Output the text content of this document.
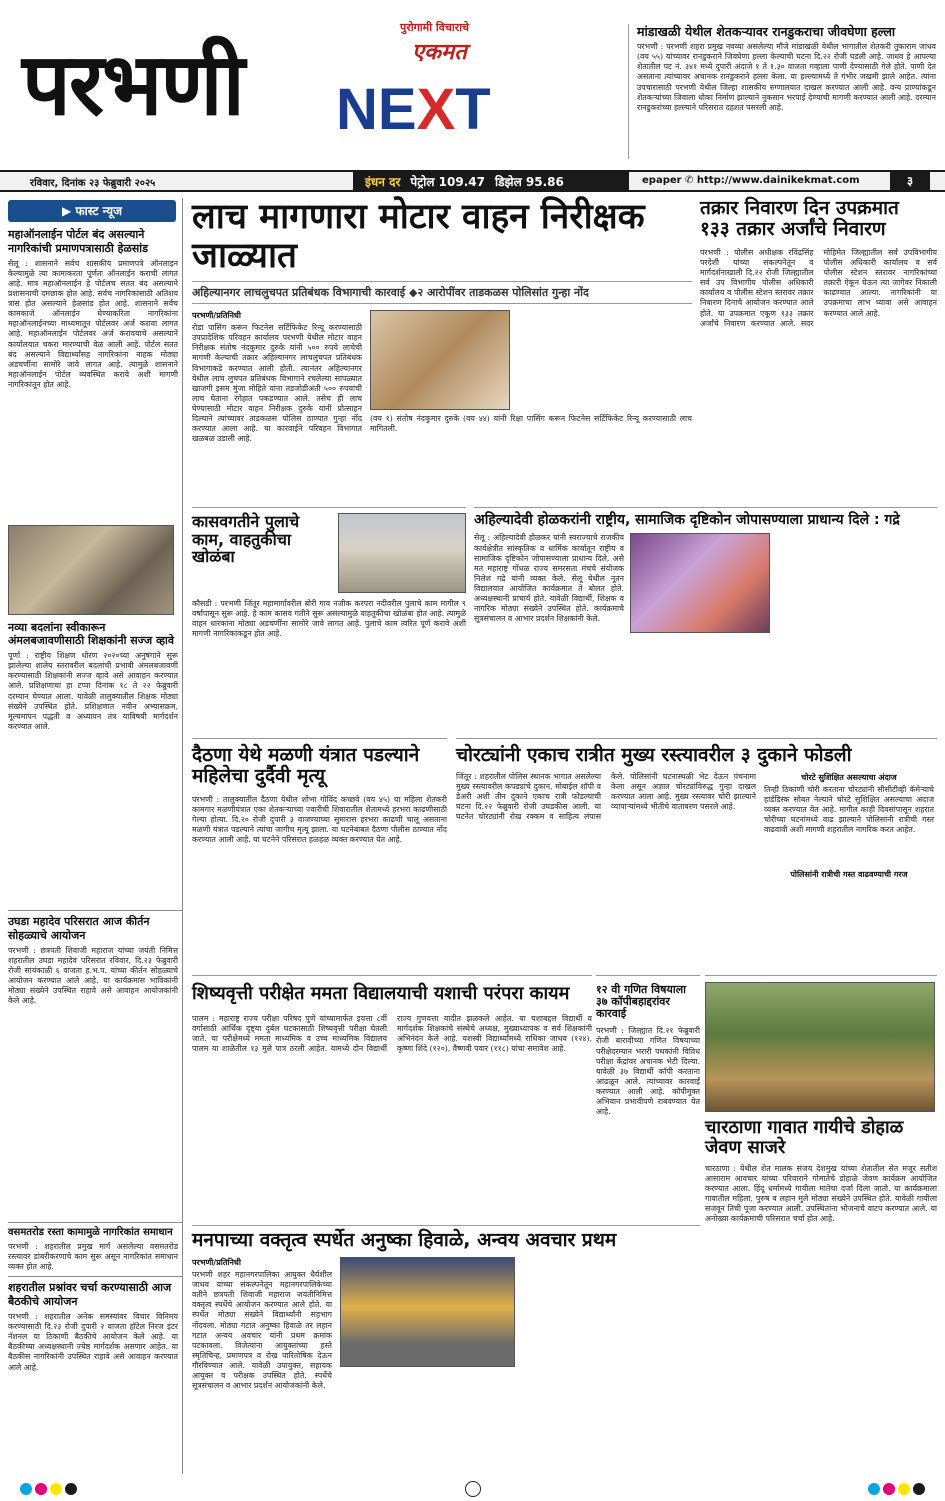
परभणी NEXT
पुरोगामी विचाराचे
एकमत
मांडाखळी येथील शेतकऱ्यावर रानडुकराचा जीवघेणा हल्ला

परभणी : परभणी शहरा प्रमुख नवव्या असलेल्या मौजे मांडाखळी येथील भागातील शेतकरी तुकाराम जाधव (वय ५५) यांच्यावर रानडुकराने जिवघेणा हल्ला केल्याची घटना दि.२२ रोजी घडली आहे. जाधव हे आपल्या शेतातील पट नं. ३४१ मध्ये दुपारी अंदाजे १ ते १.३० वाजता गव्हाला पाणी देण्यासाठी गेले होते. पाणी देत असताना त्यांच्यावर अचानक रानडुकराने हल्ला केला. या हल्ल्यामध्ये ते गंभीर जखमी झाले आहेत. त्यांना उपचारासाठी परभणी येथील जिल्हा शासकीय रुग्णालयात दाखल करण्यात आली आहे. वन्य प्राण्यांकडून शेतकऱ्यांच्या जिवाला धोका निर्माण झाल्याने नुकसान भरपाई देण्याची मागणी करण्यात आली आहे. दरम्यान रानडुकरांच्या हल्ल्याने परिसरात दहशत पसरली आहे.

रविवार, दिनांक २३ फेब्रुवारी २०२५	इंधन दर पेट्रोल 109.47 डिझेल 95.86	epaper ✆ http://www.dainikekmat.com	३
▶ फास्ट न्यूज
महाऑनलाईन पोर्टल बंद असल्याने नागरिकांची प्रमाणपत्रासाठी हेळसांड

सेलू : शासनाने सर्वच शासकीय प्रमाणपत्रे ऑनलाइन केल्यामुळे त्या कामाकरता पूर्णतः ऑनलाईन कराची लागत आहे. मात्र महाऑनलाईन हे पोर्टलच सतत बंद असल्याने प्रशासनाची दमछाक होत आहे. सर्वच नागरिकांसाठी अतिशय त्रास होत असल्याने हेळसांड होत आहे. शासनाने सर्वच कामकाजे ऑनलाईन घेण्याकरिता नागरिकांना महाऑनलाईनच्या माध्यमातून पोर्टलवर अर्ज करावा लागत आहे. महाऑनलाईन पोर्टलवर अर्ज करावयाचे असल्याने कार्यालयात चकरा मारण्याची वेळ आली आहे. पोर्टल सतत बंद असल्याने विद्यार्थ्यांसह नागरिकांना नाहक मोठ्या अडचणींना सामोरे जावे लागत आहे. त्यामुळे शासनाने महाऑनलाईन पोर्टल व्यवस्थित करावे अशी मागणी नागरिकांतून होत आहे.

नव्या बदलांना स्वीकारून अंमलबजावणीसाठी शिक्षकांनी सज्ज व्हावे

पूर्णा : राष्ट्रीय शिक्षण धोरण २०२०च्या अनुषंगाने सुरू झालेल्या शालेय स्तरावरील बदलांची प्रभावी अंमलबजावणी करण्यासाठी शिक्षकांनी सज्ज व्हावे असे आवाहन करण्यात आले. प्रशिक्षणाचा हा टप्पा दिनांक १८ ते २२ फेब्रुवारी दरम्यान घेण्यात आला. यावेळी तालुक्यातील शिक्षक मोठ्या संख्येने उपस्थित होते. प्रशिक्षणात नवीन अभ्यासक्रम, मूल्यमापन पद्धती व अध्यापन तंत्र याविषयी मार्गदर्शन करण्यात आले.

उघडा महादेव परिसरात आज कीर्तन सोहळ्याचे आयोजन

परभणी : छत्रपती शिवाजी महाराज यांच्या जयंती निमित्त शहरातील उघडा महादेव परिसरात रविवार, दि.२३ फेब्रुवारी रोजी सायंकाळी ६ वाजता ह.भ.प. यांच्या कीर्तन सोहळ्याचे आयोजन करण्यात आले आहे. या कार्यक्रमास भाविकांनी मोठ्या संख्येने उपस्थित राहावे असे आवाहन आयोजकांनी केले आहे.

वसमतरोड रस्ता कामामुळे नागरिकांत समाधान

परभणी : शहरातील प्रमुख मार्ग असलेल्या वसमतरोड रस्त्यावर डांबरीकरणाचे काम सुरू असून नागरिकांत समाधान व्यक्त होत आहे.

शहरातील प्रश्नांवर चर्चा करण्यासाठी आज बैठकीचे आयोजन

परभणी : शहरातील अनेक समस्यांवर विचार विनिमय करण्यासाठी दि.२३ रोजी दुपारी २ वाजता हॉटेल निरज इंटर नॅशनल या ठिकाणी बैठकीचे आयोजन केले आहे. या बैठकीच्या अध्यक्षस्थानी ज्येष्ठ मार्गदर्शक असणार आहेत. या बैठकीस नागरिकांनी उपस्थित राहावे असे आवाहन करण्यात आले आहे.

लाच मागणारा मोटार वाहन निरीक्षक जाळ्यात
अहिल्यानगर लाचलुचपत प्रतिबंधक विभागाची कारवाई ◆२ आरोपींवर ताडकळस पोलिसांत गुन्हा नोंद
परभणी/प्रतिनिधी

रोडा पासिंग करून फिटनेस सर्टिफिकेट रिन्यू करण्यासाठी उपप्रादेशिक परिवहन कार्यालय परभणी येथील मोटार वाहन निरीक्षक संतोष नंदकुमार दुरुके यांनी ५०० रुपये लाचेची मागणी केल्याची तक्रार अहिल्यानगर लाचलुचपत प्रतिबंधक विभागाकडे करण्यात आली होती. त्यानंतर अहिल्यानगर येथील लाच लुचपत प्रतिबंधक विभागाने रचलेल्या सापळ्यात खाजगी इसम मुंजा मोहिते यांना तडजोडीअंती ५०० रुपयांची लाच घेताना रंगेहात पकडण्यात आले. तसेच ही लाच घेण्यासाठी मोटार वाहन निरीक्षक दुरुके यांनी प्रोत्साहन दिल्याने त्यांच्यावर ताडकळस पोलिस ठाण्यात गुन्हा नोंद करण्यात आला आहे. या कारवाईने परिवहन विभागात खळबळ उडाली आहे.

(वय १) संतोष नंदकुमार दुरुके (वय ४४) यांनी रिक्षा पासिंग करून फिटनेस सर्टिफिकेट रिन्यू करण्यासाठी लाच मागितली.

तक्रार निवारण दिन उपक्रमात
१३३ तक्रार अर्जांचे निवारण

परभणी : पोलीस अधीक्षक रविंद्रसिंह परदेशी यांच्या संकल्पनेतून व मार्गदर्शनाखाली दि.२२ रोजी जिल्ह्यातील सर्व उप विभागीय पोलीस अधिकारी कार्यालय व पोलीस स्टेशन स्तरावर तक्रार निवारण दिनाचे आयोजन करण्यात आले होते. या उपक्रमात एकूण १३३ तक्रार अर्जांचे निवारण करण्यात आले. सदर मोहिमेत जिल्ह्यातील सर्व उपविभागीय पोलीस अधिकारी कार्यालय व सर्व पोलीस स्टेशन स्तरावर नागरिकांच्या तक्रारी ऐकून घेऊन त्या जागेवर निकाली काढण्यात आल्या. नागरिकांनी या उपक्रमाचा लाभ घ्यावा असे आवाहन करण्यात आले आहे.

कासवगतीने पुलाचे काम, वाहतुकीचा खोळंबा

कौसडी : परभणी जिंतूर महामार्गावरील बोरी गाव नजीक करपरा नदीवरील पुलाचे काम मागील ९ वर्षापासून सुरू आहे. हे काम कासव गतीने सुरू असल्यामुळे वाहतुकीचा खोळंबा होत आहे. त्यामुळे वाहन धारकांना मोठ्या अडचणींना सामोरे जावे लागत आहे. पुलाचे काम त्वरित पूर्ण करावे अशी मागणी नागरिकांकडून होत आहे.

अहिल्यादेवी होळकरांनी राष्ट्रीय, सामाजिक दृष्टिकोन जोपासण्याला प्राधान्य दिले : गद्रे

सेलू : अहिल्यादेवी होळकर यांनी स्वराज्याचे राजकीय कार्यक्षेत्रीत सांस्कृतिक व धार्मिक कार्यातून राष्ट्रीय व सामाजिक दृष्टिकोन जोपासण्याला प्राधान्य दिले, असे मत महाराष्ट्र गोंधळ राज्य समरसता मंचचे संयोजक निलेश गद्रे यांनी व्यक्त केले. सेलू येथील नूतन विद्यालयात आयोजित कार्यक्रमात ते बोलत होते. अध्यक्षस्थानी प्राचार्य होते. यावेळी विद्यार्थी, शिक्षक व नागरिक मोठ्या संख्येने उपस्थित होते. कार्यक्रमाचे सूत्रसंचालन व आभार प्रदर्शन शिक्षकांनी केले.

दैठणा येथे मळणी यंत्रात पडल्याने महिलेचा दुर्दैवी मृत्यू

परभणी : तालुक्यातील दैठणा येथील शोभा गोविंद कच्छवे (वय ४५) या महिला शेतकरी कामगार मळणीयंत्रात एका शेतकऱ्याच्या ज्वारीची शिवारातील शेतामध्ये हरभरा काढणीसाठी गेल्या होत्या. दि.२० रोजी दुपारी ३ वाजण्याच्या सुमारास हरभरा काढणी चालू असताना मळणी यंत्रात पडल्याने त्यांचा जागीच मृत्यू झाला. या घटनेबाबत दैठणा पोलीस ठाण्यात नोंद करण्यात आली आहे. या घटनेने परिसरात हळहळ व्यक्त करण्यात येत आहे.

चोरट्यांनी एकाच रात्रीत मुख्य रस्त्यावरील ३ दुकाने फोडली

जिंतूर : शहरातील पोलिस स्थानक भागात असलेल्या मुख्य रस्त्यावरील कपड्यांचे दुकान, मोबाईल शॉपी व डेअरी अशी तीन दुकाने एकाच रात्री फोडल्याची घटना दि.२२ फेब्रुवारी रोजी उघडकीस आली. या घटनेत चोरट्यांनी रोख रक्कम व साहित्य लंपास केले. पोलिसांनी घटनास्थळी भेट देऊन पंचनामा केला असून अज्ञात चोरट्यांविरुद्ध गुन्हा दाखल करण्यात आला आहे. मुख्य रस्त्यावर चोरी झाल्याने व्यापाऱ्यांमध्ये भीतीचे वातावरण पसरले आहे.

चोरटे सुशिक्षित असल्याचा अंदाज

तिन्ही ठिकाणी चोरी करताना चोरट्यांनी सीसीटीव्ही कॅमेऱ्याचे हार्डडिस्क सोबत नेल्याने चोरटे सुशिक्षित असल्याचा अंदाज व्यक्त करण्यात येत आहे. मागील काही दिवसांपासून शहरात चोरीच्या घटनांमध्ये वाढ झाल्याने पोलिसांनी रात्रीची गस्त वाढवावी अशी मागणी शहरातील नागरिक करत आहेत.

पोलिसांनी रात्रीची गस्त वाढवण्याची गरज
शिष्यवृत्ती परीक्षेत ममता विद्यालयाची यशाची परंपरा कायम

पालम : महाराष्ट्र राज्य परीक्षा परिषद पुणे यांच्यामार्फत इयत्ता ८वीं वर्गासाठी आर्थिक दृष्ट्या दुर्बल घटकासाठी शिष्यवृत्ती परीक्षा घेतली जाते. या परीक्षेमध्ये ममता माध्यमिक व उच्च माध्यमिक विद्यालय पालम या शाळेतील १३ मुले पात्र ठरली आहेत. यामध्ये दोन विद्यार्थी राज्य गुणवत्ता यादीत झळकले आहेत. या यशाबद्दल विद्यार्थी व मार्गदर्शक शिक्षकांचे संस्थेचे अध्यक्ष, मुख्याध्यापक व सर्व शिक्षकांनी अभिनंदन केले आहे. यशस्वी विद्यार्थ्यांमध्ये राधिका जाधव (१२४), कृष्णा शिंदे (१२०), वैष्णवी पवार (११८) यांचा समावेश आहे.

१२ वी गणित विषयाला ३७ कॉपीबहाद्दरांवर कारवाई

परभणी : जिल्ह्यात दि.२१ फेब्रुवारी रोजी बारावीच्या गणित विषयाच्या परीक्षेदरम्यान भरारी पथकांनी विविध परीक्षा केंद्रांवर अचानक भेटी दिल्या. यावेळी ३७ विद्यार्थी कॉपी करताना आढळून आले. त्यांच्यावर कारवाई करण्यात आली आहे. कॉपीमुक्त अभियान प्रभावीपणे राबवण्यात येत आहे.

चारठाणा गावात गायीचे डोहाळ जेवण साजरे

चारठाणा : येथील शेत मालक संजय देशमुख यांच्या शेतातील सेत मजूर सतीश आसाराम आवचार यांच्या परिवाराने गोमातेचे डोहाळे जेवण कार्यक्रम आयोजित करण्यात आला. हिंदू धर्मामध्ये गायीला मातेचा दर्जा दिला जातो. या कार्यक्रमाला गावातील महिला, पुरुष व लहान मुले मोठ्या संख्येने उपस्थित होते. यावेळी गायीला सजवून तिची पूजा करण्यात आली. उपस्थितांना भोजनाचे वाटप करण्यात आले. या अनोख्या कार्यक्रमाची परिसरात चर्चा होत आहे.

मनपाच्या वक्तृत्व स्पर्धेत अनुष्का हिवाळे, अन्वय अवचार प्रथम
परभणी/प्रतिनिधी

परभणी शहर महानगरपालिका आयुक्त धैर्यशील जाधव यांच्या संकल्पनेतून महानगरपालिकेच्या वतीने छत्रपती शिवाजी महाराज जयंतीनिमित्त वक्तृत्व स्पर्धेचे आयोजन करण्यात आले होते. या स्पर्धेत मोठ्या संख्येने विद्यार्थ्यांनी सहभाग नोंदवला. मोठ्या गटात अनुष्का हिवाळे तर लहान गटात अन्वय अवचार यांनी प्रथम क्रमांक पटकावला. विजेत्यांना आयुक्तांच्या हस्ते स्मृतिचिन्ह, प्रमाणपत्र व रोख पारितोषिक देऊन गौरविण्यात आले. यावेळी उपायुक्त, सहायक आयुक्त व परीक्षक उपस्थित होते. स्पर्धेचे सूत्रसंचालन व आभार प्रदर्शन आयोजकांनी केले.
